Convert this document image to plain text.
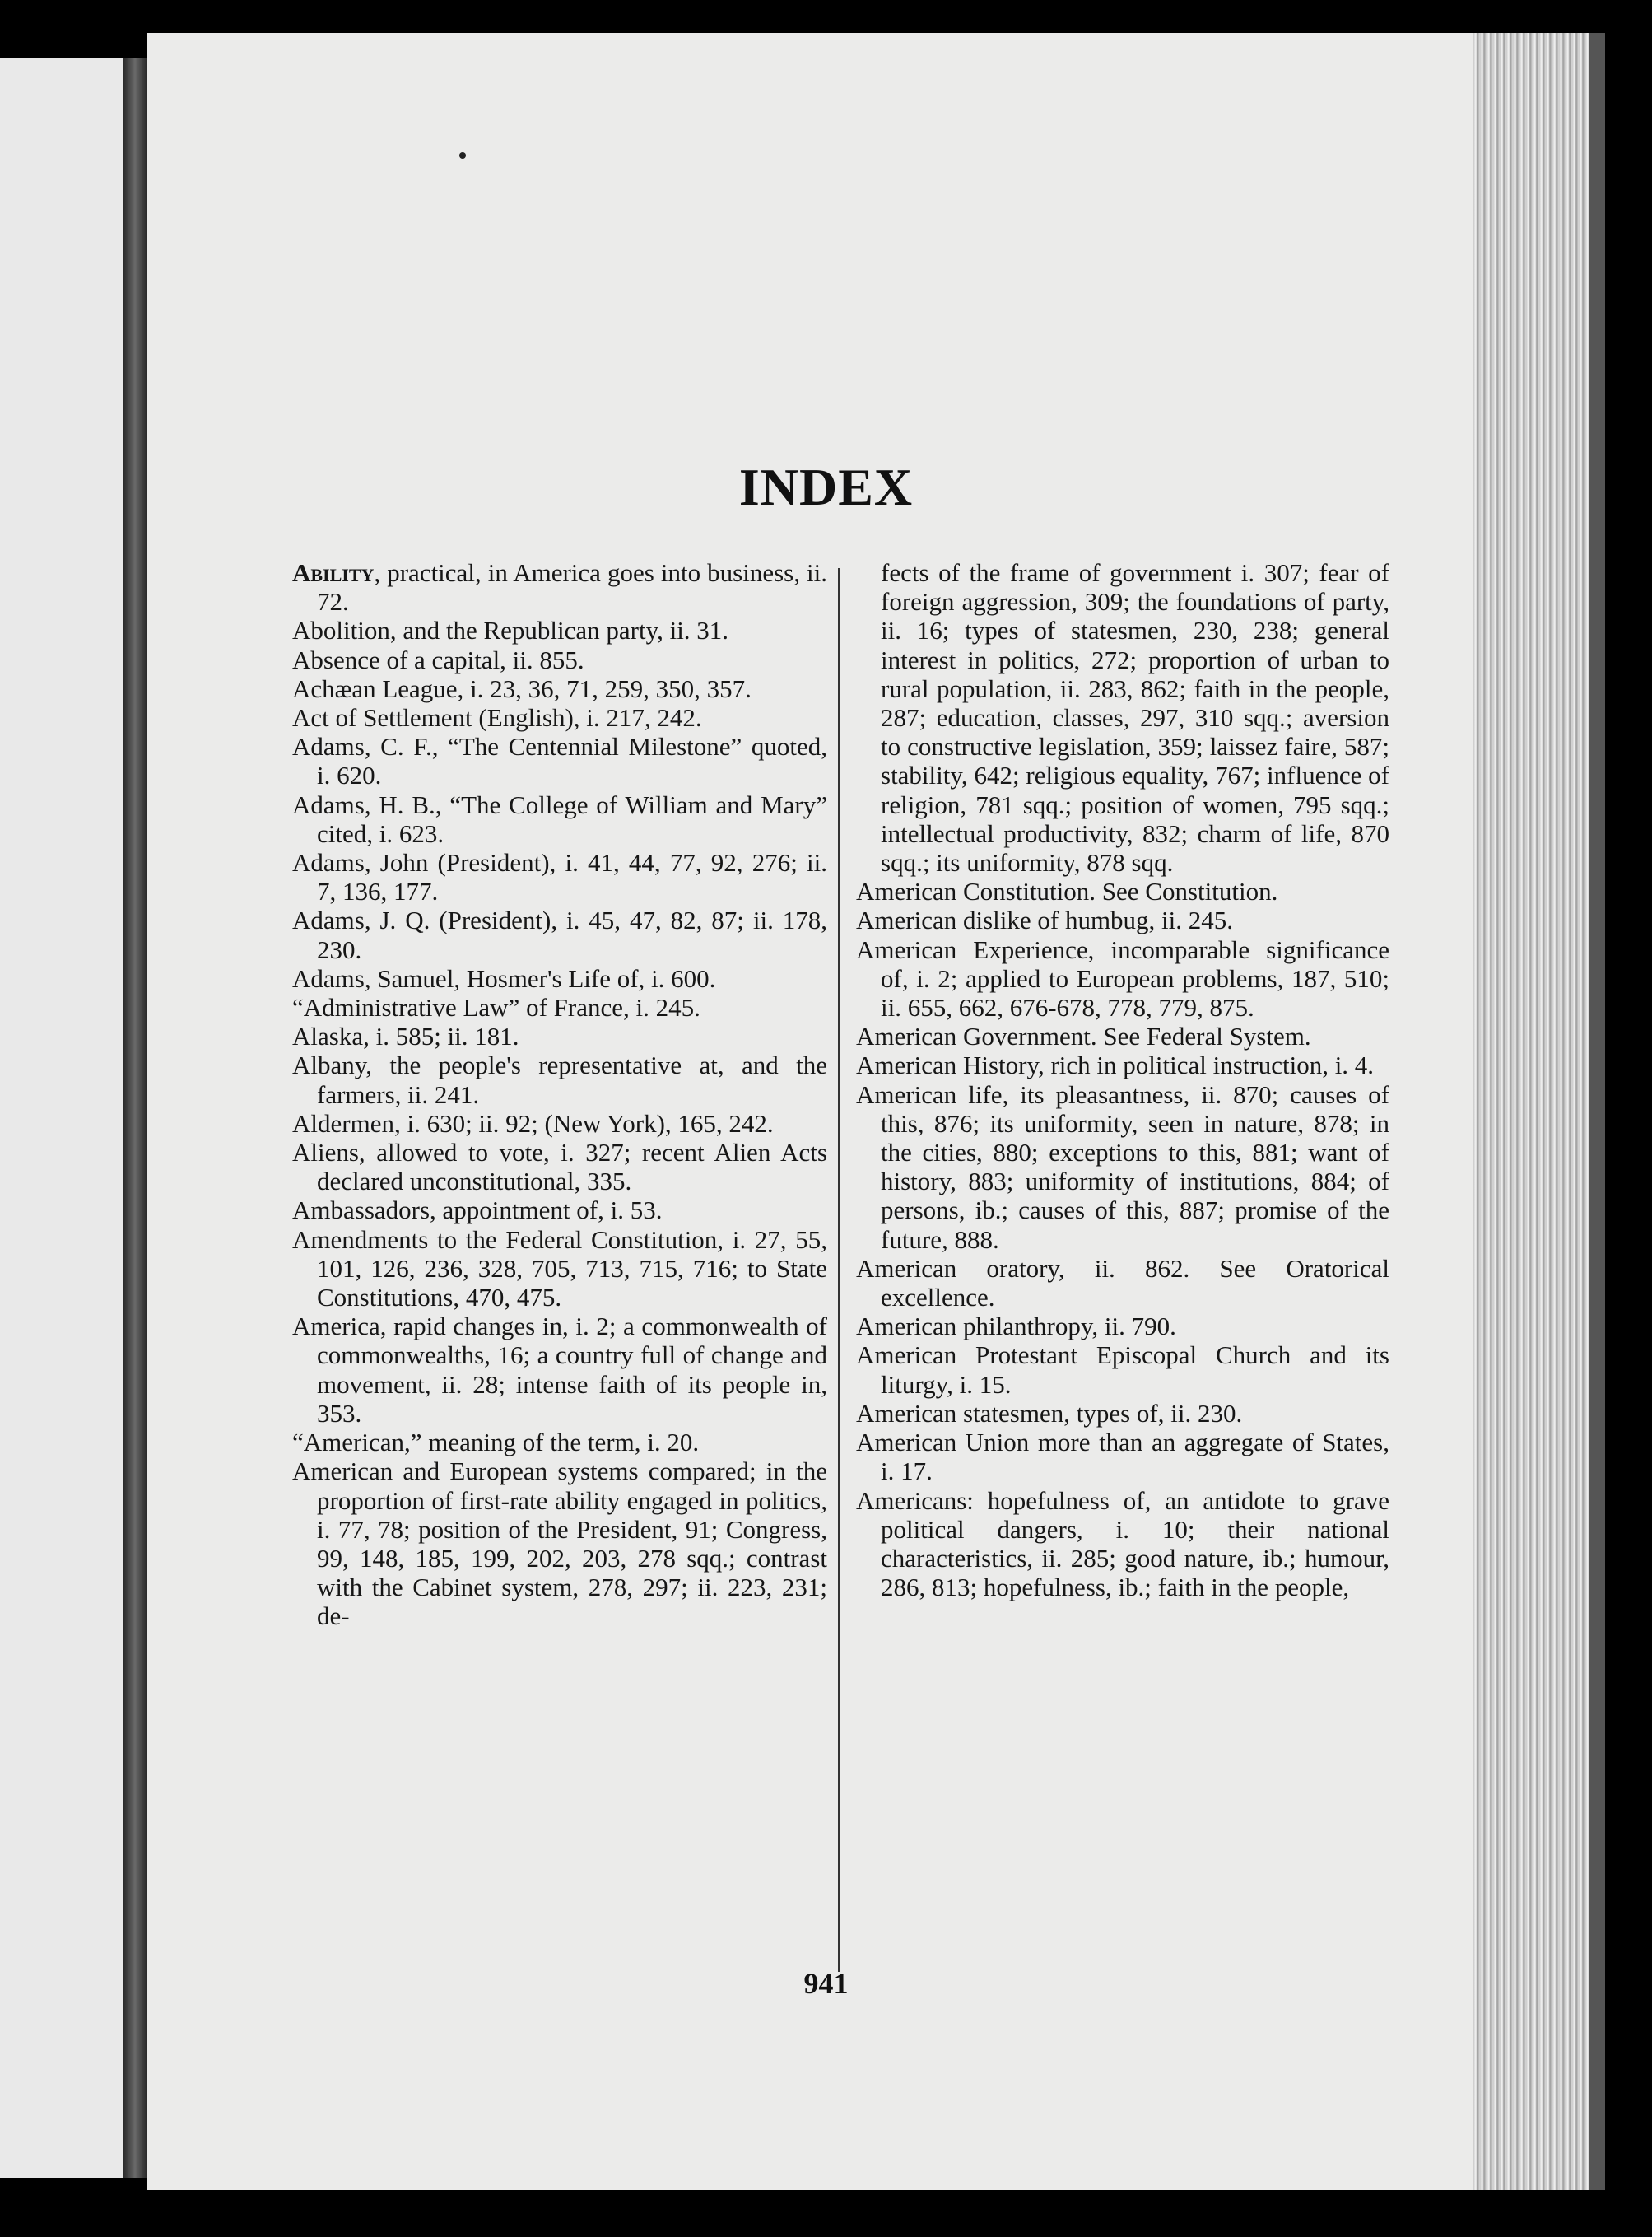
INDEX

Ability, practical, in America goes into business, ii. 72.

Abolition, and the Republican party, ii. 31.

Absence of a capital, ii. 855.

Achæan League, i. 23, 36, 71, 259, 350, 357.

Act of Settlement (English), i. 217, 242.

Adams, C. F., “The Centennial Milestone” quoted, i. 620.

Adams, H. B., “The College of William and Mary” cited, i. 623.

Adams, John (President), i. 41, 44, 77, 92, 276; ii. 7, 136, 177.

Adams, J. Q. (President), i. 45, 47, 82, 87; ii. 178, 230.

Adams, Samuel, Hosmer's Life of, i. 600.

“Administrative Law” of France, i. 245.

Alaska, i. 585; ii. 181.

Albany, the people's representative at, and the farmers, ii. 241.

Aldermen, i. 630; ii. 92; (New York), 165, 242.

Aliens, allowed to vote, i. 327; recent Alien Acts declared unconstitutional, 335.

Ambassadors, appointment of, i. 53.

Amendments to the Federal Constitution, i. 27, 55, 101, 126, 236, 328, 705, 713, 715, 716; to State Constitutions, 470, 475.

America, rapid changes in, i. 2; a commonwealth of commonwealths, 16; a country full of change and movement, ii. 28; intense faith of its people in, 353.

“American,” meaning of the term, i. 20.

American and European systems compared; in the proportion of first-rate ability engaged in politics, i. 77, 78; position of the President, 91; Congress, 99, 148, 185, 199, 202, 203, 278 sqq.; contrast with the Cabinet system, 278, 297; ii. 223, 231; de-

fects of the frame of government i. 307; fear of foreign aggression, 309; the foundations of party, ii. 16; types of statesmen, 230, 238; general interest in politics, 272; proportion of urban to rural population, ii. 283, 862; faith in the people, 287; education, classes, 297, 310 sqq.; aversion to constructive legislation, 359; laissez faire, 587; stability, 642; religious equality, 767; influence of religion, 781 sqq.; position of women, 795 sqq.; intellectual productivity, 832; charm of life, 870 sqq.; its uniformity, 878 sqq.

American Constitution. See Constitution.

American dislike of humbug, ii. 245.

American Experience, incomparable significance of, i. 2; applied to European problems, 187, 510; ii. 655, 662, 676-678, 778, 779, 875.

American Government. See Federal System.

American History, rich in political instruction, i. 4.

American life, its pleasantness, ii. 870; causes of this, 876; its uniformity, seen in nature, 878; in the cities, 880; exceptions to this, 881; want of history, 883; uniformity of institutions, 884; of persons, ib.; causes of this, 887; promise of the future, 888.

American oratory, ii. 862. See Oratorical excellence.

American philanthropy, ii. 790.

American Protestant Episcopal Church and its liturgy, i. 15.

American statesmen, types of, ii. 230.

American Union more than an aggregate of States, i. 17.

Americans: hopefulness of, an antidote to grave political dangers, i. 10; their national characteristics, ii. 285; good nature, ib.; humour, 286, 813; hopefulness, ib.; faith in the people,

941
